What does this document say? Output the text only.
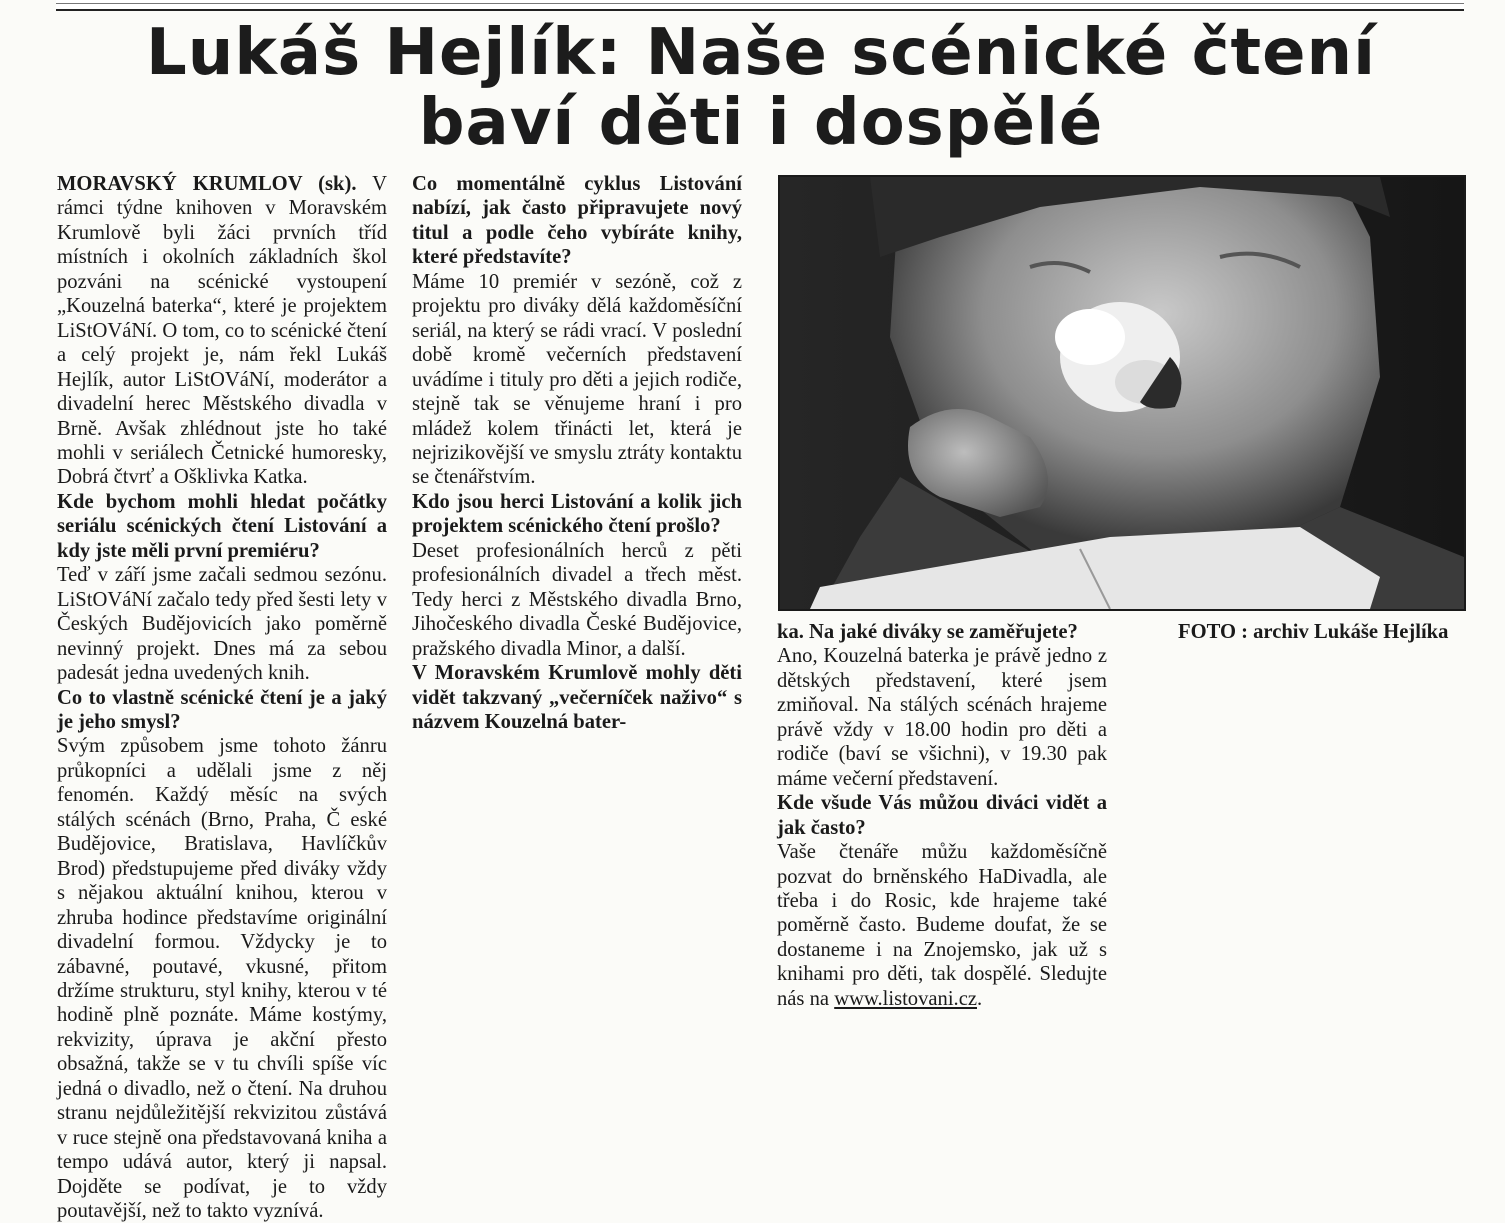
Lukáš Hejlík: Naše scénické čtení
baví děti i dospělé

MORAVSKÝ KRUMLOV (sk). V rámci týdne knihoven v Moravském Krumlově byli žáci prvních tříd místních i okolních základních škol pozváni na scénické vystoupení „Kouzelná baterka“, které je projektem LiStOVáNí. O tom, co to scénické čtení a celý projekt je, nám řekl Lukáš Hejlík, autor LiStOVáNí, moderátor a divadelní herec Městského divadla v Brně. Avšak zhlédnout jste ho také mohli v seriálech Četnické humoresky, Dobrá čtvrť a Ošklivka Katka.

Kde bychom mohli hledat počátky seriálu scénických čtení Listování a kdy jste měli první premiéru?

Teď v září jsme začali sedmou sezónu. LiStOVáNí začalo tedy před šesti lety v Českých Budějovicích jako poměrně nevinný projekt. Dnes má za sebou padesát jedna uvedených knih.

Co to vlastně scénické čtení je a jaký je jeho smysl?

Svým způsobem jsme tohoto žánru průkopníci a udělali jsme z něj fenomén. Každý měsíc na svých stálých scénách (Brno, Praha, Č eské Budějovice, Bratislava, Havlíčkův Brod) předstupujeme před diváky vždy s nějakou aktuální knihou, kterou v zhruba hodince představíme originální divadelní formou. Vždycky je to zábavné, poutavé, vkusné, přitom držíme strukturu, styl knihy, kterou v té hodině plně poznáte. Máme kostýmy, rekvizity, úprava je akční přesto obsažná, takže se v tu chvíli spíše víc jedná o divadlo, než o čtení. Na druhou stranu nejdůležitější rekvizitou zůstává v ruce stejně ona představovaná kniha a tempo udává autor, který ji napsal. Dojděte se podívat, je to vždy poutavější, než to takto vyznívá.

Co momentálně cyklus Listování nabízí, jak často připravujete nový titul a podle čeho vybíráte knihy, které představíte?

Máme 10 premiér v sezóně, což z projektu pro diváky dělá každoměsíční seriál, na který se rádi vrací. V poslední době kromě večerních představení uvádíme i tituly pro děti a jejich rodiče, stejně tak se věnujeme hraní i pro mládež kolem třinácti let, která je nejrizikovější ve smyslu ztráty kontaktu se čtenářstvím.

Kdo jsou herci Listování a kolik jich projektem scénického čtení prošlo?

Deset profesionálních herců z pěti profesionálních divadel a třech měst. Tedy herci z Městského divadla Brno, Jihočeského divadla České Budějovice, pražského divadla Minor, a další.

V Moravském Krumlově mohly děti vidět takzvaný „večerníček naživo“ s názvem Kouzelná bater-

FOTO : archiv Lukáše Hejlíka

ka. Na jaké diváky se zaměřujete?

Ano, Kouzelná baterka je právě jedno z dětských představení, které jsem zmiňoval. Na stálých scénách hrajeme právě vždy v 18.00 hodin pro děti a rodiče (baví se všichni), v 19.30 pak máme večerní představení.

Kde všude Vás můžou diváci vidět a jak často?

Vaše čtenáře můžu každoměsíčně pozvat do brněnského HaDivadla, ale třeba i do Rosic, kde hrajeme také poměrně často. Budeme doufat, že se dostaneme i na Znojemsko, jak už s knihami pro děti, tak dospělé. Sledujte nás na www.listovani.cz.
